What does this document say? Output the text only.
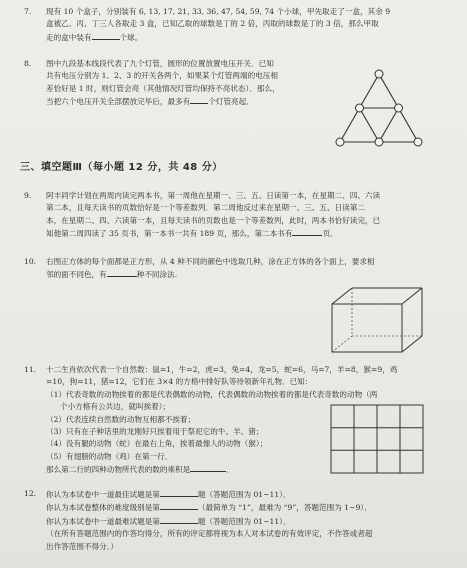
7.	现有 10 个盒子，分别装有 6, 13, 17, 21, 33, 36, 47, 54, 59, 74 个小球，甲先取走了一盒，其余 9
盒被乙、丙、丁三人各取走 3 盒，已知乙取的球数是丁的 2 倍，丙取的球数是丁的 3 倍，那么甲取
走的盒中装有	个球。
8.	图中九段基本线段代表了九个灯管，圆形的位置放置电压开关．已知
共有电压分别为 1、2、3 的开关各两个，如果某个灯管两端的电压相
差恰好是 1 时，则灯管会亮（其他情况灯管均保持不亮状态）．那么，
当把六个电压开关全部摆放完毕后，最多有 个灯管亮起．
三、填空题Ⅲ（每小题 12 分，共 48 分）
9.	阿丰同学计划在两周内读完两本书，第一周他在星期一、三、五、日读第一本，在星期二、四、六读
第二本，且每天读书的页数恰好是一个等差数列．第二周他反过来在星期一、三、五、日读第二
本，在星期二、四、六读第一本，且每天读书的页数也是一个等差数列，此时，两本书恰好读完，已
知他第二周四读了 35 页书，第一本书一共有 189 页，那么，第二本书有	页．
10.	右图正方体的每个面都是正方形，从 4 种不同的颜色中选取几种，涂在正方体的各个面上，要求相
邻的面不同色，有	种不同涂法.
11.	十二生肖依次代表一个自然数：鼠=1，牛=2，虎=3，兔=4，龙=5，蛇=6，马=7，羊=8，猴=9，鸡
=10，狗=11，猪=12，它们在 3×4 的方格中排好队等待领新年礼物．已知：
（1）代表奇数的动物挨着的都是代表偶数的动物，代表偶数的动物挨着的都是代表奇数的动物（两
个小方格有公共边，就叫挨着）；
（2）代表连续自然数的动物互相都不挨着；
（3）只有在子种话里的龙刚好只挨着用于祭祀它的牛、羊、猪；
（4）没有腿的动物（蛇）在最右上角，挨着最像人的动物（猴）；
（5）有翅膀的动物（鸡）在第一行．
那么第二行的四种动物所代表的数的乘积是	．
12.	你认为本试卷中一道最佳试题是第	题（答题范围为 01~11）．
你认为本试卷整体的难度级别是第	（最简单为 “1”，最难为 “9”，答题范围为 1~9）．
你认为本试卷中一道最难试题是第	题（答题范围为 01~11）．
（在所有答题范围内的作答均得分，所有的评定都将视为本人对本试卷的有效评定，不作答或者超
出作答范围不得分．）
